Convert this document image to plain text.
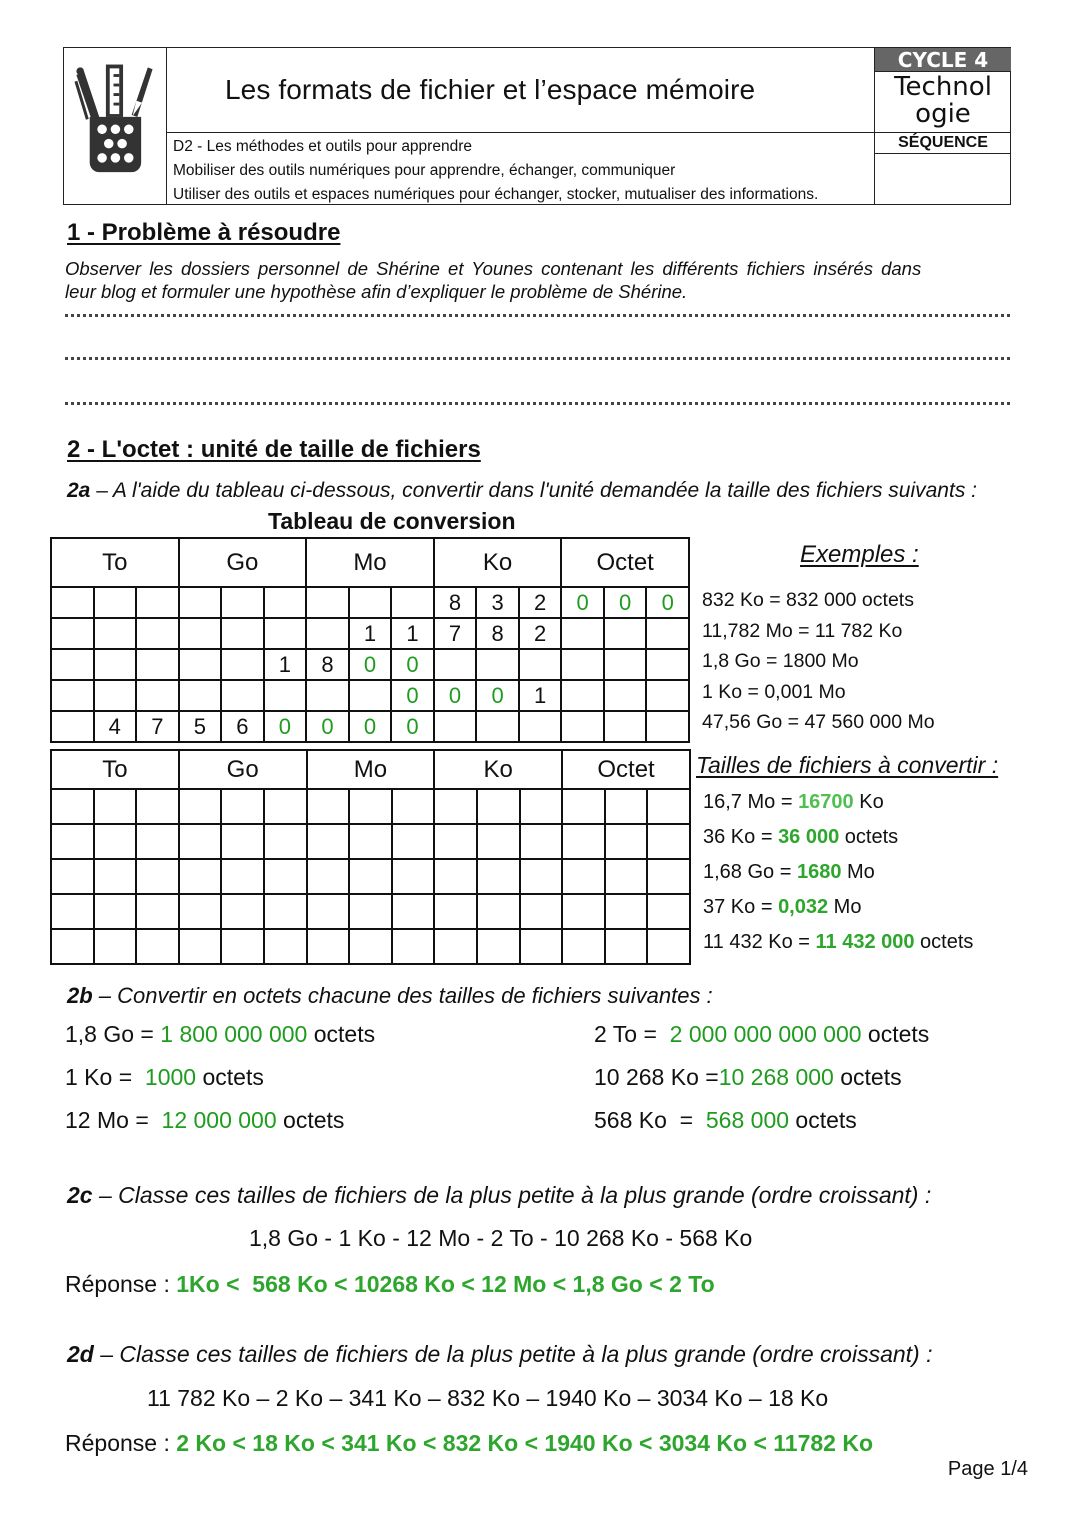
Les formats de fichier et l’espace mémoire
D2 - Les méthodes et outils pour apprendre
Mobiliser des outils numériques pour apprendre, échanger, communiquer
Utiliser des outils et espaces numériques pour échanger, stocker, mutualiser des informations.
CYCLE 4
Technol
ogie
SÉQUENCE
1 - Problème à résoudre
Observer les dossiers personnel de Shérine et Younes contenant les différents fichiers insérés dans
leur blog et formuler une hypothèse afin d’expliquer le problème de Shérine.
2 - L'octet : unité de taille de fichiers
2a – A l'aide du tableau ci-dessous, convertir dans l'unité demandée la taille des fichiers suivants :
Tableau de conversion
To			Go			Mo			Ko			Octet		
									8	3	2	0	0	0
							1	1	7	8	2			
					1	8	0	0						
								0	0	0	1			
	4	7	5	6	0	0	0	0						
To			Go			Mo			Ko			Octet		

Exemples :
832 Ko = 832 000 octets
11,782 Mo = 11 782 Ko
1,8 Go = 1800 Mo
1 Ko = 0,001 Mo
47,56 Go = 47 560 000 Mo
Tailles de fichiers à convertir :
16,7 Mo = 16700 Ko
36 Ko = 36 000 octets
1,68 Go = 1680 Mo
37 Ko = 0,032 Mo
11 432 Ko = 11 432 000 octets
2b – Convertir en octets chacune des tailles de fichiers suivantes :
1,8 Go = 1 800 000 000 octets
1 Ko =  1000 octets
12 Mo =  12 000 000 octets
2 To =  2 000 000 000 000 octets
10 268 Ko =10 268 000 octets
568 Ko  =  568 000 octets
2c – Classe ces tailles de fichiers de la plus petite à la plus grande (ordre croissant) :
1,8 Go - 1 Ko - 12 Mo - 2 To - 10 268 Ko - 568 Ko
Réponse : 1Ko <  568 Ko < 10268 Ko < 12 Mo < 1,8 Go < 2 To
2d – Classe ces tailles de fichiers de la plus petite à la plus grande (ordre croissant) :
11 782 Ko – 2 Ko – 341 Ko – 832 Ko – 1940 Ko – 3034 Ko – 18 Ko
Réponse : 2 Ko < 18 Ko < 341 Ko < 832 Ko < 1940 Ko < 3034 Ko < 11782 Ko
Page 1/4
